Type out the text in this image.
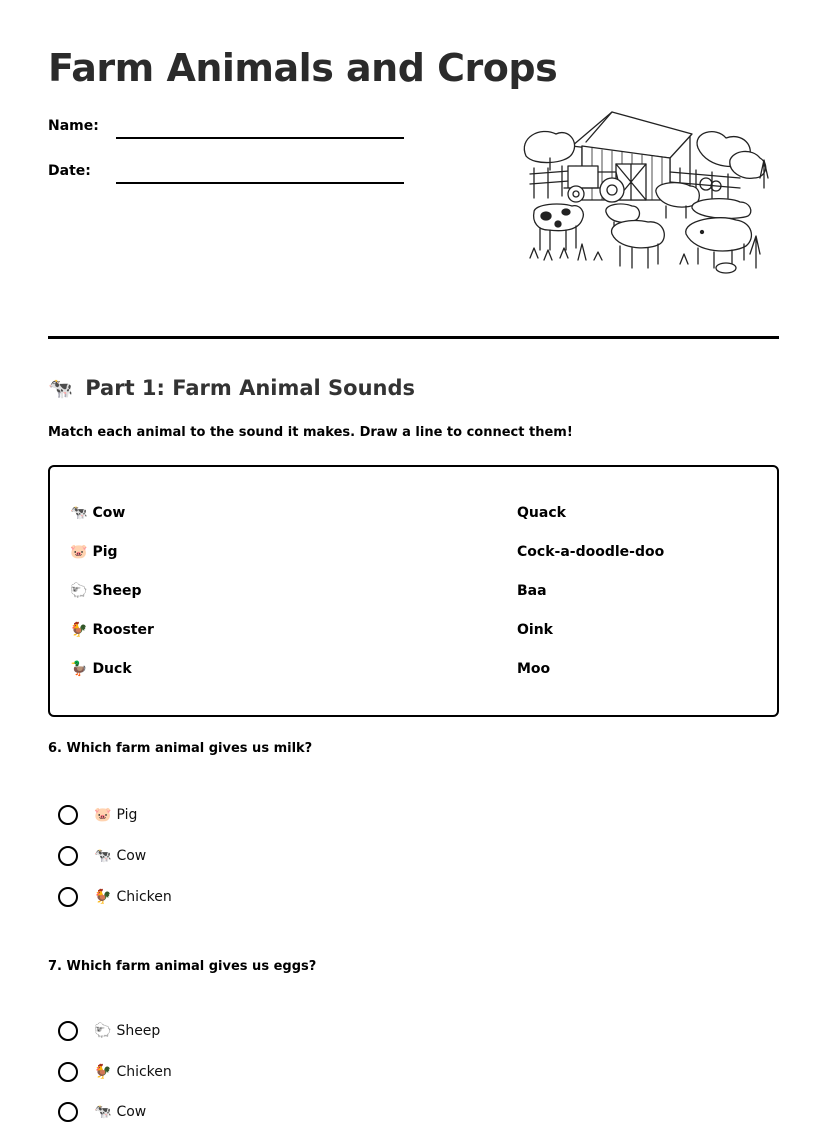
Farm Animals and Crops
Name:
Date:
🐄 Part 1: Farm Animal Sounds
Match each animal to the sound it makes. Draw a line to connect them!
🐄 Cow
🐷 Pig
🐑 Sheep
🐓 Rooster
🦆 Duck
Quack
Cock-a-doodle-doo
Baa
Oink
Moo
6. Which farm animal gives us milk?
🐷 Pig
🐄 Cow
🐓 Chicken
7. Which farm animal gives us eggs?
🐑 Sheep
🐓 Chicken
🐄 Cow
